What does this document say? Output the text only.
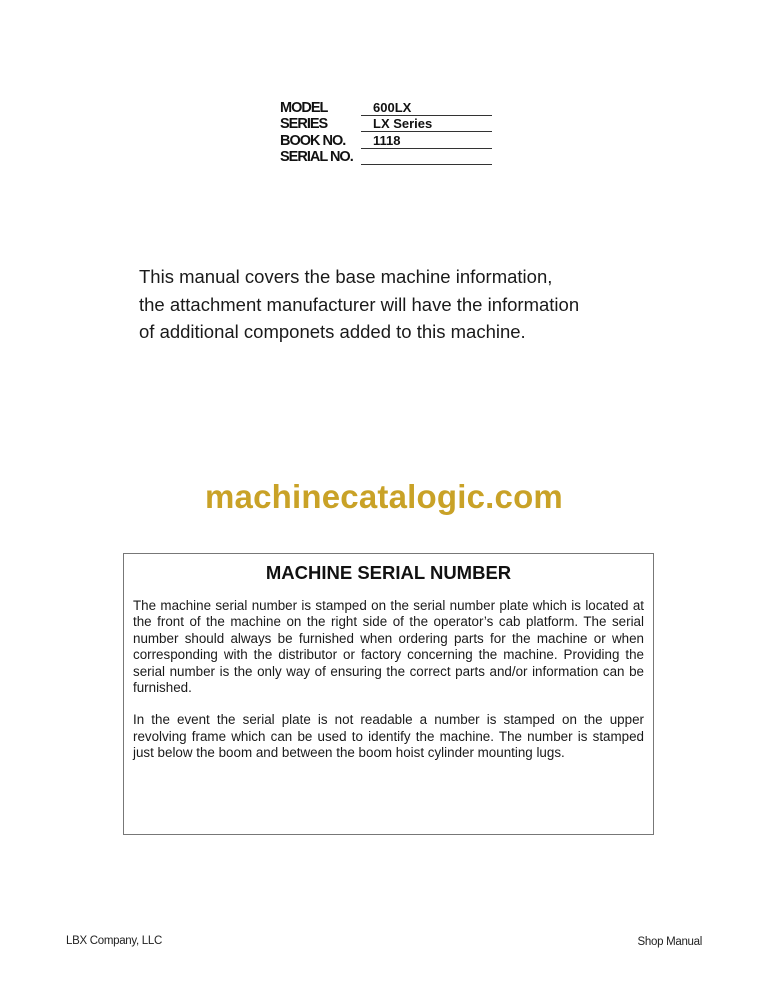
MODEL	600LX
SERIES	LX Series
BOOK NO.	1118
SERIAL NO.

This manual covers the base machine information,

the attachment manufacturer will have the information

of additional componets added to this machine.

machinecatalogic.com
MACHINE SERIAL NUMBER

The machine serial number is stamped on the serial number plate which is located at the front of the machine on the right side of the operator’s cab platform. The serial number should always be furnished when ordering parts for the machine or when corresponding with the distributor or factory concerning the machine. Providing the serial number is the only way of ensuring the correct parts and/or information can be furnished.

In the event the serial plate is not readable a number is stamped on the upper revolving frame which can be used to identify the machine. The number is stamped just below the boom and between the boom hoist cylinder mounting lugs.

LBX Company, LLC	Shop Manual
